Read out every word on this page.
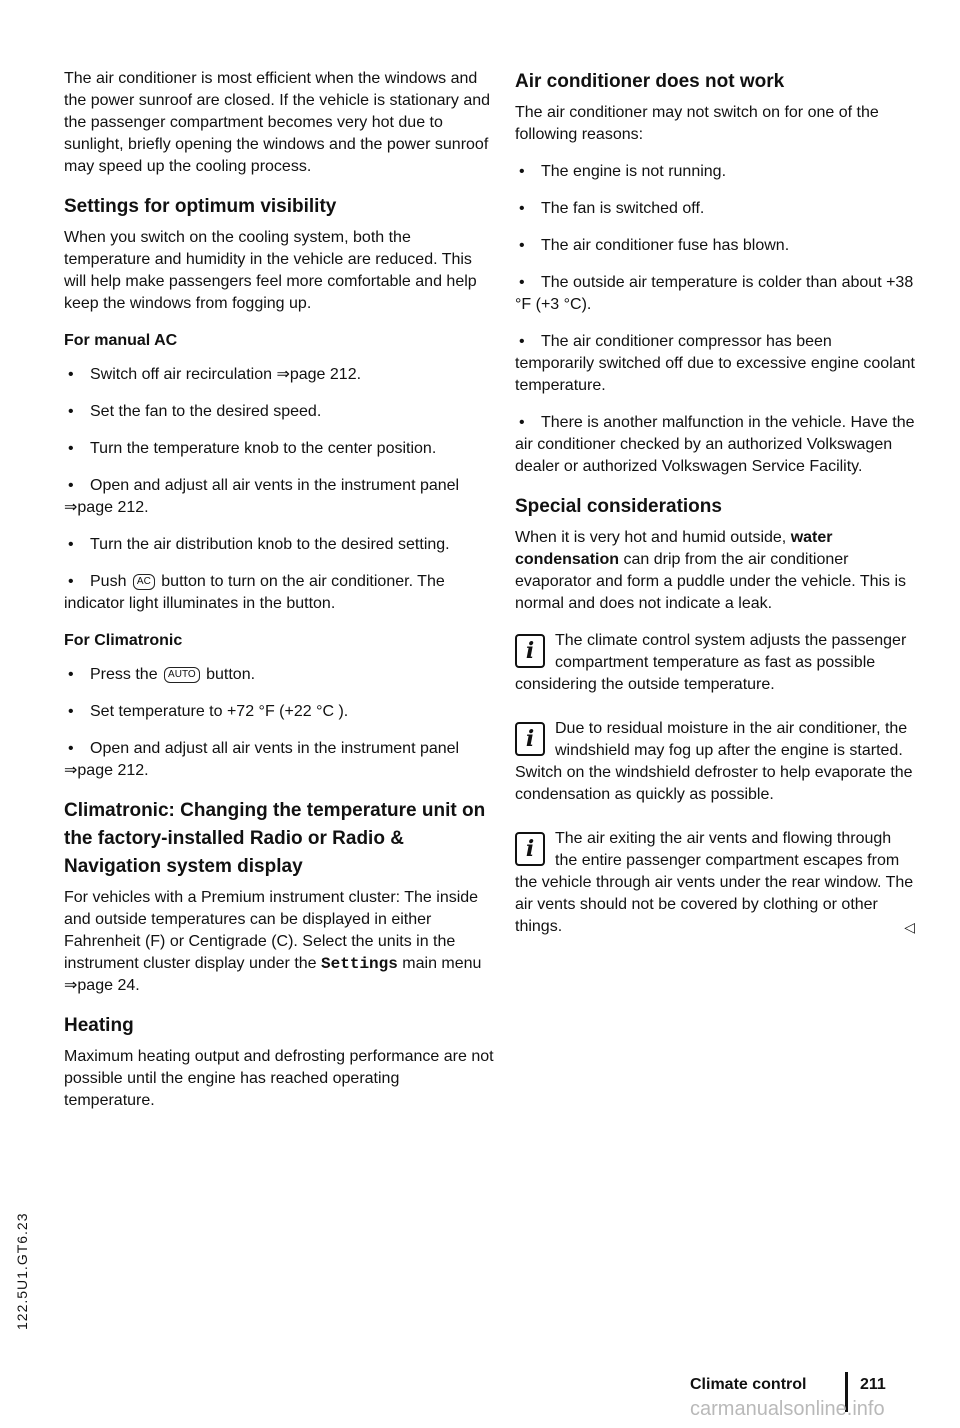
The air conditioner is most efficient when the windows and the power sunroof are closed. If the vehicle is stationary and the passenger compartment becomes very hot due to sunlight, briefly opening the windows and the power sunroof may speed up the cooling process.

Settings for optimum visibility

When you switch on the cooling system, both the temperature and humidity in the vehicle are reduced. This will help make passengers feel more comfortable and help keep the windows from fogging up.

For manual AC
• Switch off air recirculation ⇒page 212.
• Set the fan to the desired speed.
• Turn the temperature knob to the center position.
• Open and adjust all air vents in the instrument panel ⇒page 212.
• Turn the air distribution knob to the desired setting.
• Push AC button to turn on the air conditioner. The indicator light illuminates in the button.
For Climatronic
• Press the AUTO button.
• Set temperature to +72 °F (+22 °C ).
• Open and adjust all air vents in the instrument panel ⇒page 212.
Climatronic: Changing the temperature unit on the factory-installed Radio or Radio & Navigation system display

For vehicles with a Premium instrument cluster: The inside and outside temperatures can be displayed in either Fahrenheit (F) or Centigrade (C). Select the units in the instrument cluster display under the Settings main menu ⇒page 24.

Heating

Maximum heating output and defrosting performance are not possible until the engine has reached operating temperature.

Air conditioner does not work

The air conditioner may not switch on for one of the following reasons:

• The engine is not running.
• The fan is switched off.
• The air conditioner fuse has blown.
• The outside air temperature is colder than about +38 °F (+3 °C).
• The air conditioner compressor has been temporarily switched off due to excessive engine coolant temperature.
• There is another malfunction in the vehicle. Have the air conditioner checked by an authorized Volkswagen dealer or authorized Volkswagen Service Facility.
Special considerations

When it is very hot and humid outside, water condensation can drip from the air conditioner evaporator and form a puddle under the vehicle. This is normal and does not indicate a leak.

i	The climate control system adjusts the passenger compartment temperature as fast as possible considering the outside temperature.
i	Due to residual moisture in the air conditioner, the windshield may fog up after the engine is started. Switch on the windshield defroster to help evaporate the condensation as quickly as possible.
i	The air exiting the air vents and flowing through the entire passenger compartment escapes from the vehicle through air vents under the rear window. The air vents should not be covered by clothing or other things.	◁
122.5U1.GT6.23
Climate control	211
carmanualsonline.info
